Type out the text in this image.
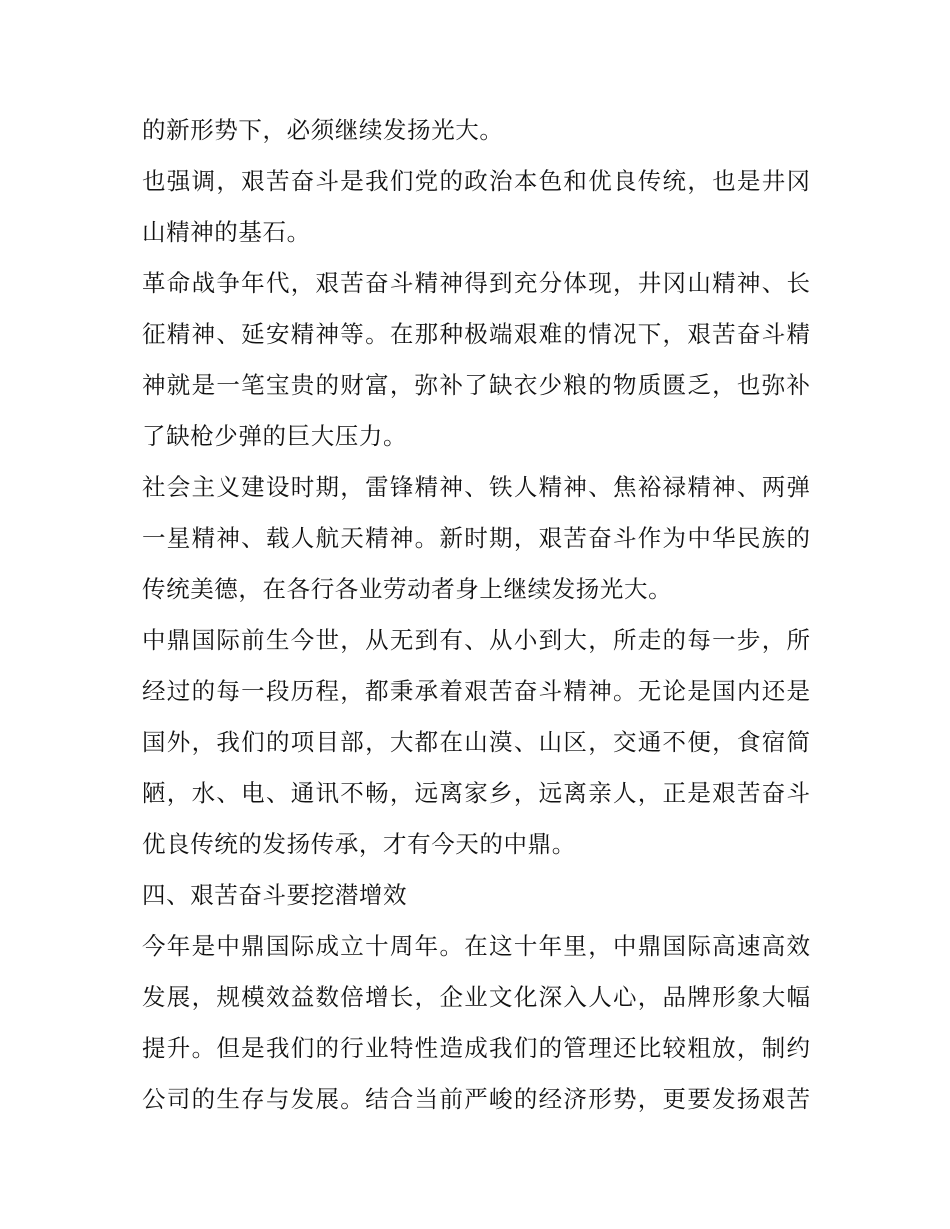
的新形势下，必须继续发扬光大。
也强调，艰苦奋斗是我们党的政治本色和优良传统，也是井冈
山精神的基石。
革命战争年代，艰苦奋斗精神得到充分体现，井冈山精神、长
征精神、延安精神等。在那种极端艰难的情况下，艰苦奋斗精
神就是一笔宝贵的财富，弥补了缺衣少粮的物质匮乏，也弥补
了缺枪少弹的巨大压力。
社会主义建设时期，雷锋精神、铁人精神、焦裕禄精神、两弹
一星精神、载人航天精神。新时期，艰苦奋斗作为中华民族的
传统美德，在各行各业劳动者身上继续发扬光大。
中鼎国际前生今世，从无到有、从小到大，所走的每一步，所
经过的每一段历程，都秉承着艰苦奋斗精神。无论是国内还是
国外，我们的项目部，大都在山漠、山区，交通不便，食宿简
陋，水、电、通讯不畅，远离家乡，远离亲人，正是艰苦奋斗
优良传统的发扬传承，才有今天的中鼎。
四、艰苦奋斗要挖潜增效
今年是中鼎国际成立十周年。在这十年里，中鼎国际高速高效
发展，规模效益数倍增长，企业文化深入人心，品牌形象大幅
提升。但是我们的行业特性造成我们的管理还比较粗放，制约
公司的生存与发展。结合当前严峻的经济形势，更要发扬艰苦
